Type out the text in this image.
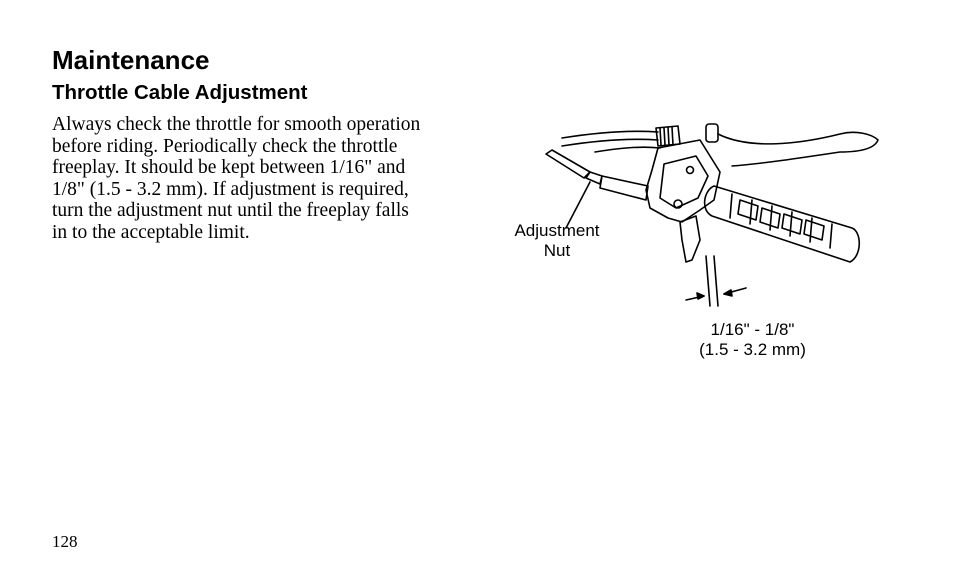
Maintenance
Throttle Cable Adjustment

Always check the throttle for smooth operation
before riding. Periodically check the throttle
freeplay. It should be kept between 1/16" and
1/8" (1.5 - 3.2 mm). If adjustment is required,
turn the adjustment nut until the freeplay falls
in to the acceptable limit.	Adjustment
Nut
1/16" - 1/8"
(1.5 - 3.2 mm)
128
